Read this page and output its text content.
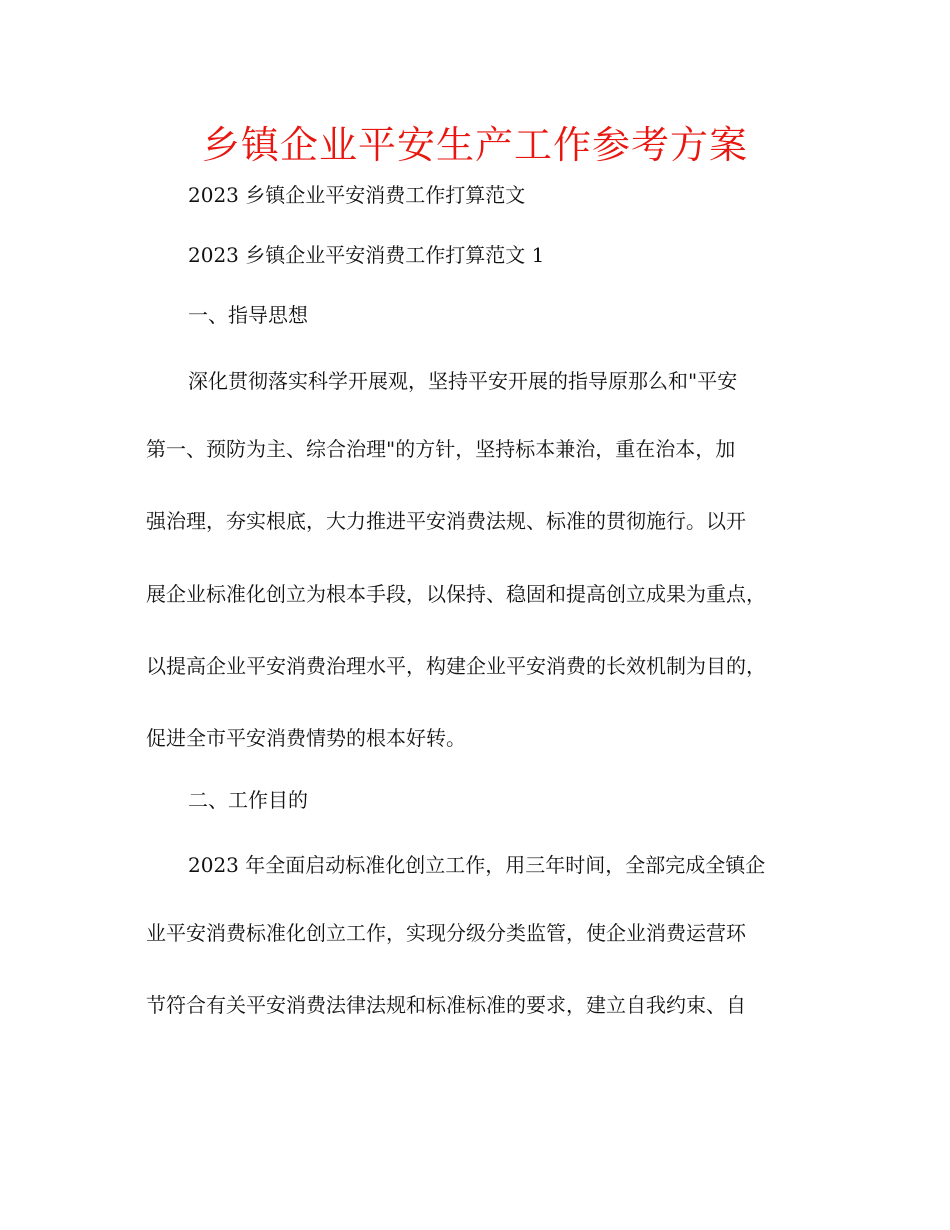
乡镇企业平安生产工作参考方案
2023 乡镇企业平安消费工作打算范文
2023 乡镇企业平安消费工作打算范文 1
一、指导思想
深化贯彻落实科学开展观，坚持平安开展的指导原那么和"平安
第一、预防为主、综合治理"的方针，坚持标本兼治，重在治本，加
强治理，夯实根底，大力推进平安消费法规、标准的贯彻施行。以开
展企业标准化创立为根本手段，以保持、稳固和提高创立成果为重点，
以提高企业平安消费治理水平，构建企业平安消费的长效机制为目的，
促进全市平安消费情势的根本好转。
二、工作目的
2023 年全面启动标准化创立工作，用三年时间，全部完成全镇企
业平安消费标准化创立工作，实现分级分类监管，使企业消费运营环
节符合有关平安消费法律法规和标准标准的要求，建立自我约束、自
